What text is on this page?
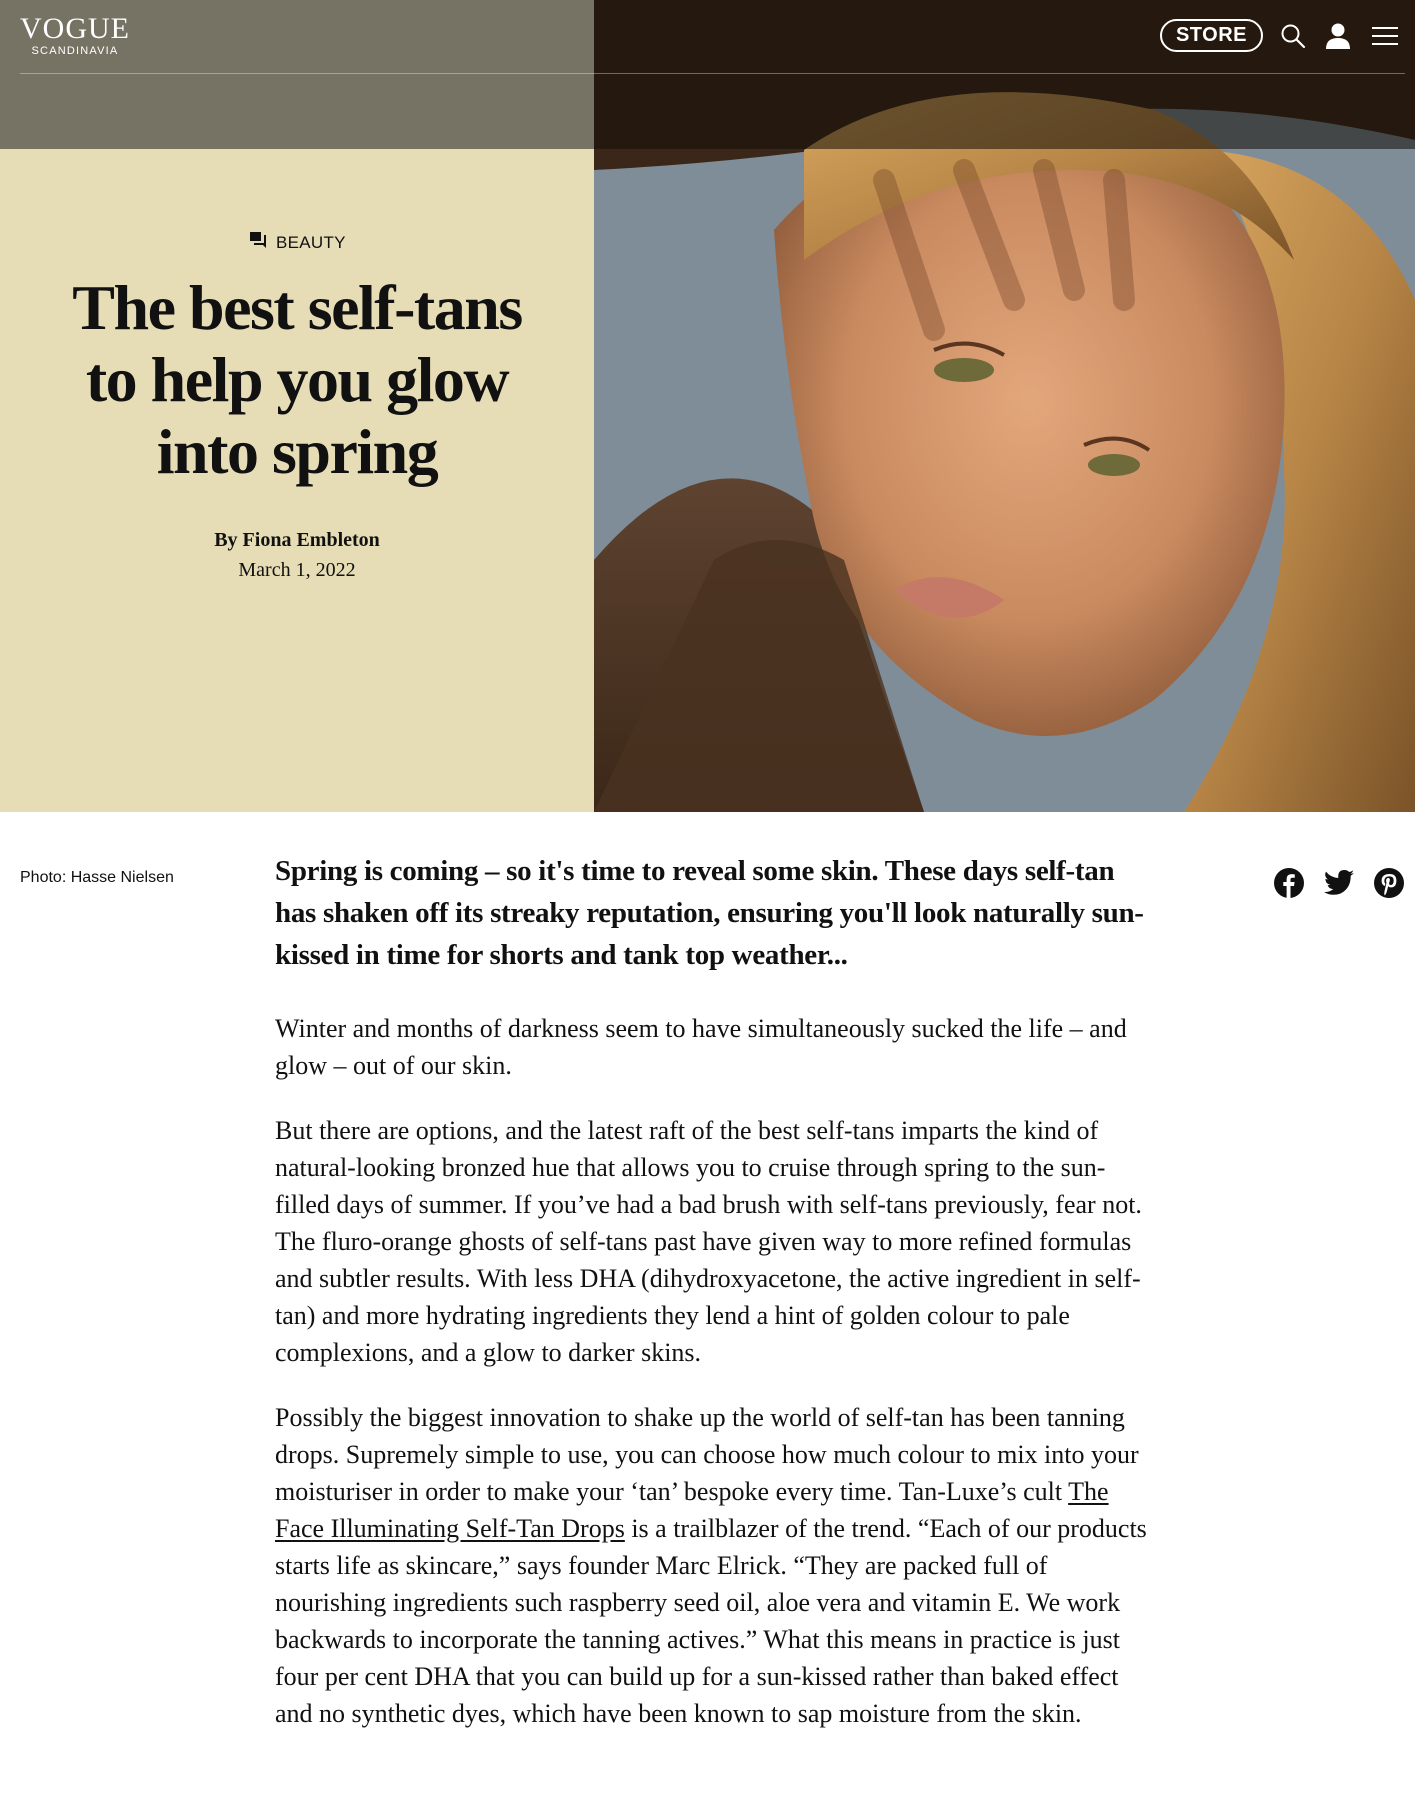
VOGUE
SCANDINAVIA
STORE
BEAUTY
The best self-tans to help you glow into spring
By Fiona Embleton
March 1, 2022
Photo: Hasse Nielsen	Spring is coming – so it's time to reveal some skin. These days self-tan has shaken off its streaky reputation, ensuring you'll look naturally sun-kissed in time for shorts and tank top weather...

Winter and months of darkness seem to have simultaneously sucked the life – and glow – out of our skin.

But there are options, and the latest raft of the best self-tans imparts the kind of natural-looking bronzed hue that allows you to cruise through spring to the sun-filled days of summer. If you’ve had a bad brush with self-tans previously, fear not. The fluro-orange ghosts of self-tans past have given way to more refined formulas and subtler results. With less DHA (dihydroxyacetone, the active ingredient in self-tan) and more hydrating ingredients they lend a hint of golden colour to pale complexions, and a glow to darker skins.

Possibly the biggest innovation to shake up the world of self-tan has been tanning drops. Supremely simple to use, you can choose how much colour to mix into your moisturiser in order to make your ‘tan’ bespoke every time. Tan-Luxe’s cult The Face Illuminating Self-Tan Drops is a trailblazer of the trend. “Each of our products starts life as skincare,” says founder Marc Elrick. “They are packed full of nourishing ingredients such raspberry seed oil, aloe vera and vitamin E. We work backwards to incorporate the tanning actives.” What this means in practice is just four per cent DHA that you can build up for a sun-kissed rather than baked effect and no synthetic dyes, which have been known to sap moisture from the skin.
